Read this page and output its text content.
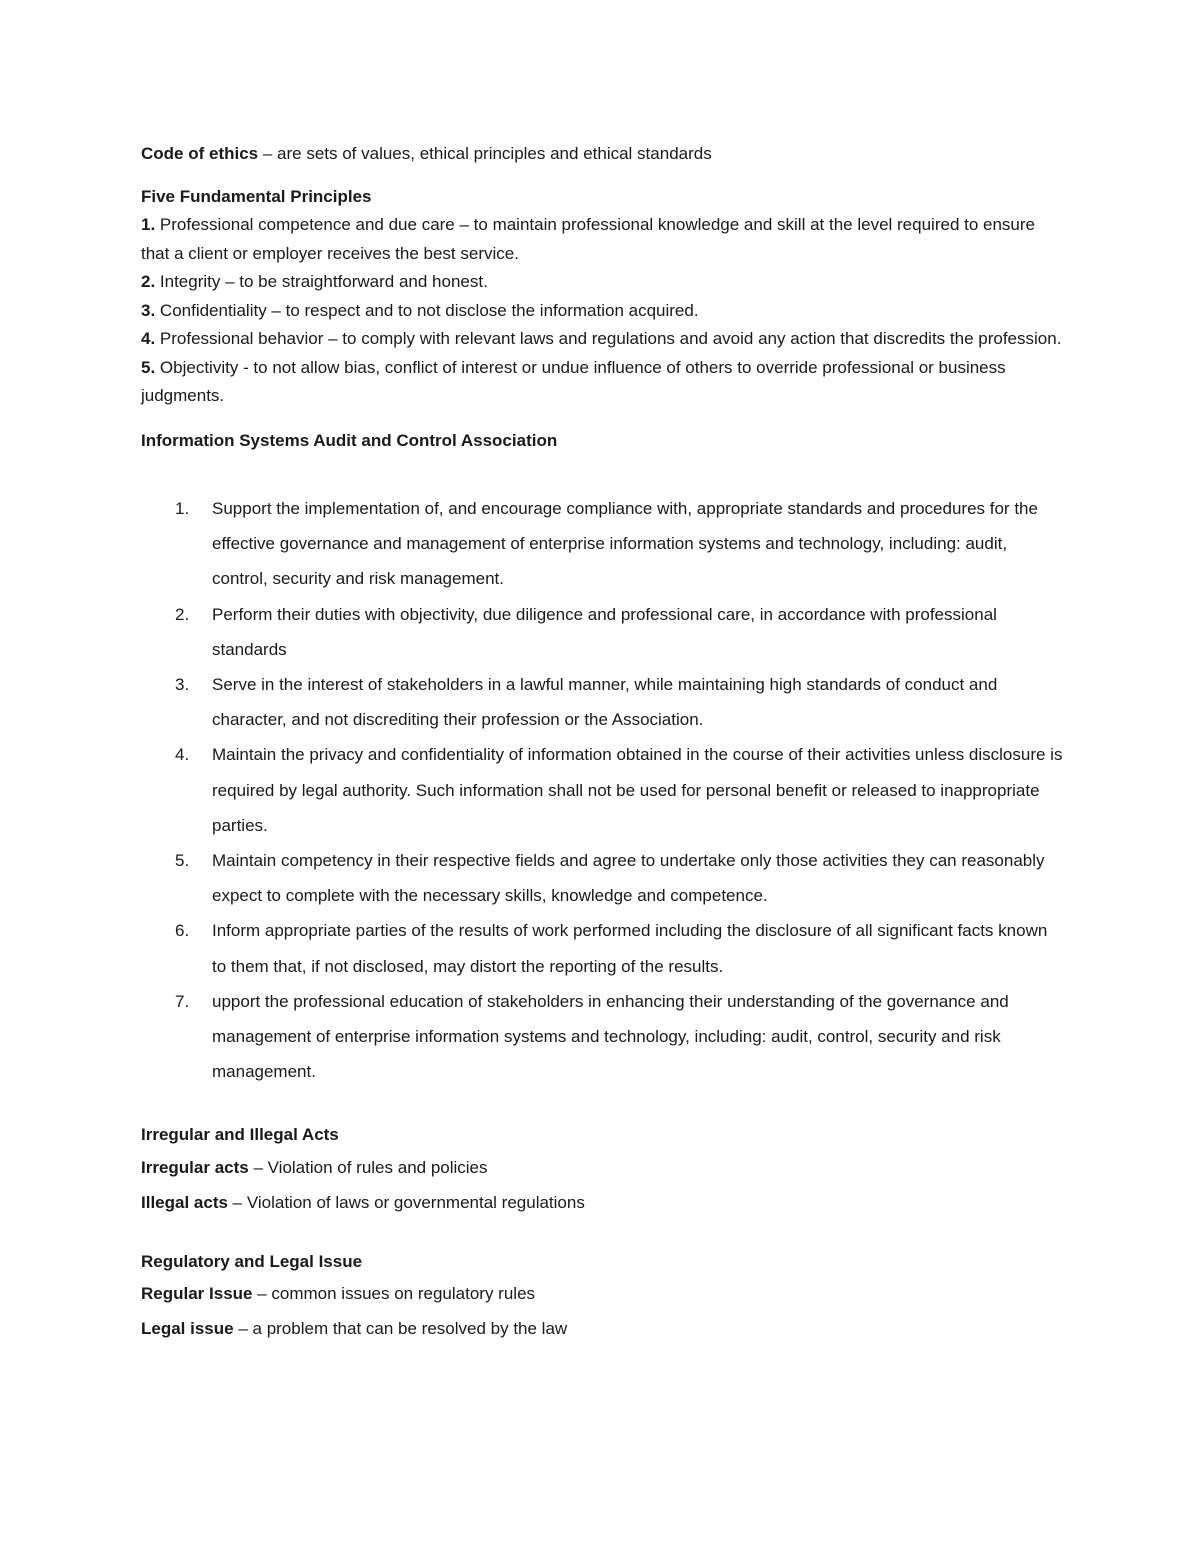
Code of ethics – are sets of values, ethical principles and ethical standards

Five Fundamental Principles

1. Professional competence and due care – to maintain professional knowledge and skill at the level required to ensure that a client or employer receives the best service.

2. Integrity – to be straightforward and honest.

3. Confidentiality – to respect and to not disclose the information acquired.

4. Professional behavior – to comply with relevant laws and regulations and avoid any action that discredits the profession.

5. Objectivity - to not allow bias, conflict of interest or undue influence of others to override professional or business judgments.

Information Systems Audit and Control Association

1.	Support the implementation of, and encourage compliance with, appropriate standards and procedures for the effective governance and management of enterprise information systems and technology, including: audit, control, security and risk management.
2.	Perform their duties with objectivity, due diligence and professional care, in accordance with professional standards
3.	Serve in the interest of stakeholders in a lawful manner, while maintaining high standards of conduct and character, and not discrediting their profession or the Association.
4.	Maintain the privacy and confidentiality of information obtained in the course of their activities unless disclosure is required by legal authority. Such information shall not be used for personal benefit or released to inappropriate parties.
5.	Maintain competency in their respective fields and agree to undertake only those activities they can reasonably expect to complete with the necessary skills, knowledge and competence.
6.	Inform appropriate parties of the results of work performed including the disclosure of all significant facts known to them that, if not disclosed, may distort the reporting of the results.
7.	upport the professional education of stakeholders in enhancing their understanding of the governance and management of enterprise information systems and technology, including: audit, control, security and risk management.

Irregular and Illegal Acts

Irregular acts – Violation of rules and policies

Illegal acts – Violation of laws or governmental regulations

Regulatory and Legal Issue

Regular Issue – common issues on regulatory rules

Legal issue – a problem that can be resolved by the law
